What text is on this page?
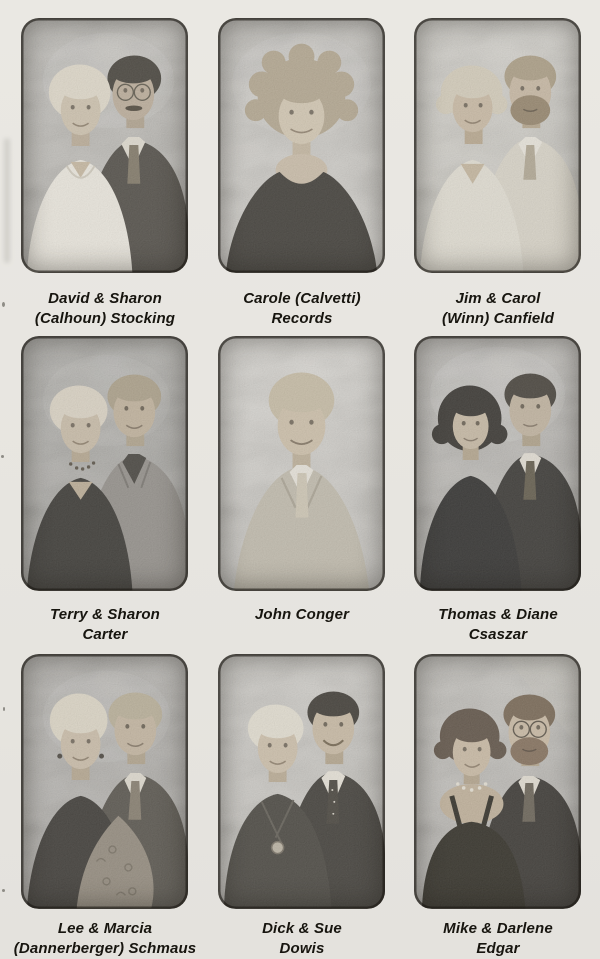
David & Sharon
(Calhoun) Stocking
Carole (Calvetti)
Records
Jim & Carol
(Winn) Canfield
Terry & Sharon
Carter
John Conger	Thomas & Diane
Csaszar
Lee & Marcia
(Dannerberger) Schmaus
Dick & Sue
Dowis
Mike & Darlene
Edgar
